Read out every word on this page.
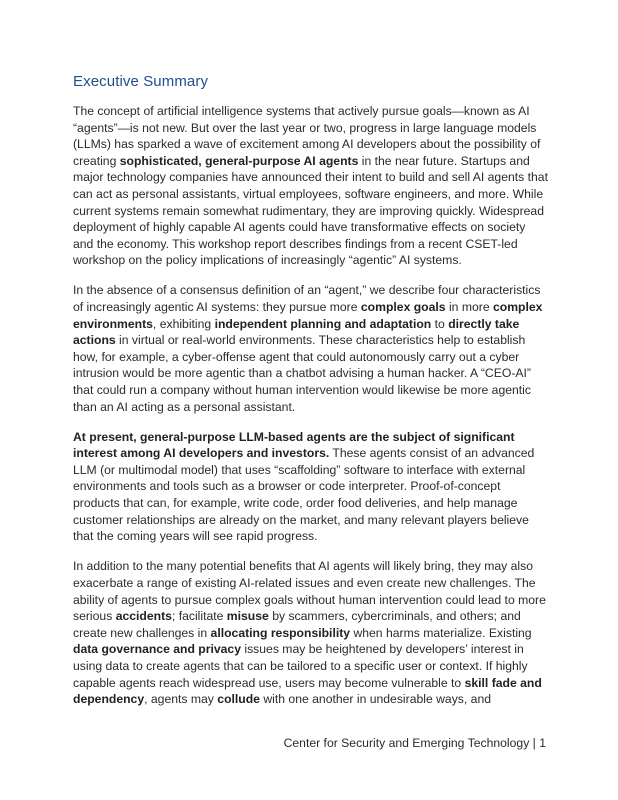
Executive Summary

The concept of artificial intelligence systems that actively pursue goals—known as AI “agents”—is not new. But over the last year or two, progress in large language models (LLMs) has sparked a wave of excitement among AI developers about the possibility of creating sophisticated, general-purpose AI agents in the near future. Startups and major technology companies have announced their intent to build and sell AI agents that can act as personal assistants, virtual employees, software engineers, and more. While current systems remain somewhat rudimentary, they are improving quickly. Widespread deployment of highly capable AI agents could have transformative effects on society and the economy. This workshop report describes findings from a recent CSET-led workshop on the policy implications of increasingly “agentic” AI systems.

In the absence of a consensus definition of an “agent,” we describe four characteristics of increasingly agentic AI systems: they pursue more complex goals in more complex environments, exhibiting independent planning and adaptation to directly take actions in virtual or real-world environments. These characteristics help to establish how, for example, a cyber-offense agent that could autonomously carry out a cyber intrusion would be more agentic than a chatbot advising a human hacker. A “CEO-AI” that could run a company without human intervention would likewise be more agentic than an AI acting as a personal assistant.

At present, general-purpose LLM-based agents are the subject of significant interest among AI developers and investors. These agents consist of an advanced LLM (or multimodal model) that uses “scaffolding” software to interface with external environments and tools such as a browser or code interpreter. Proof-of-concept products that can, for example, write code, order food deliveries, and help manage customer relationships are already on the market, and many relevant players believe that the coming years will see rapid progress.

In addition to the many potential benefits that AI agents will likely bring, they may also exacerbate a range of existing AI-related issues and even create new challenges. The ability of agents to pursue complex goals without human intervention could lead to more serious accidents; facilitate misuse by scammers, cybercriminals, and others; and create new challenges in allocating responsibility when harms materialize. Existing data governance and privacy issues may be heightened by developers’ interest in using data to create agents that can be tailored to a specific user or context. If highly capable agents reach widespread use, users may become vulnerable to skill fade and dependency, agents may collude with one another in undesirable ways, and

Center for Security and Emerging Technology | 1
